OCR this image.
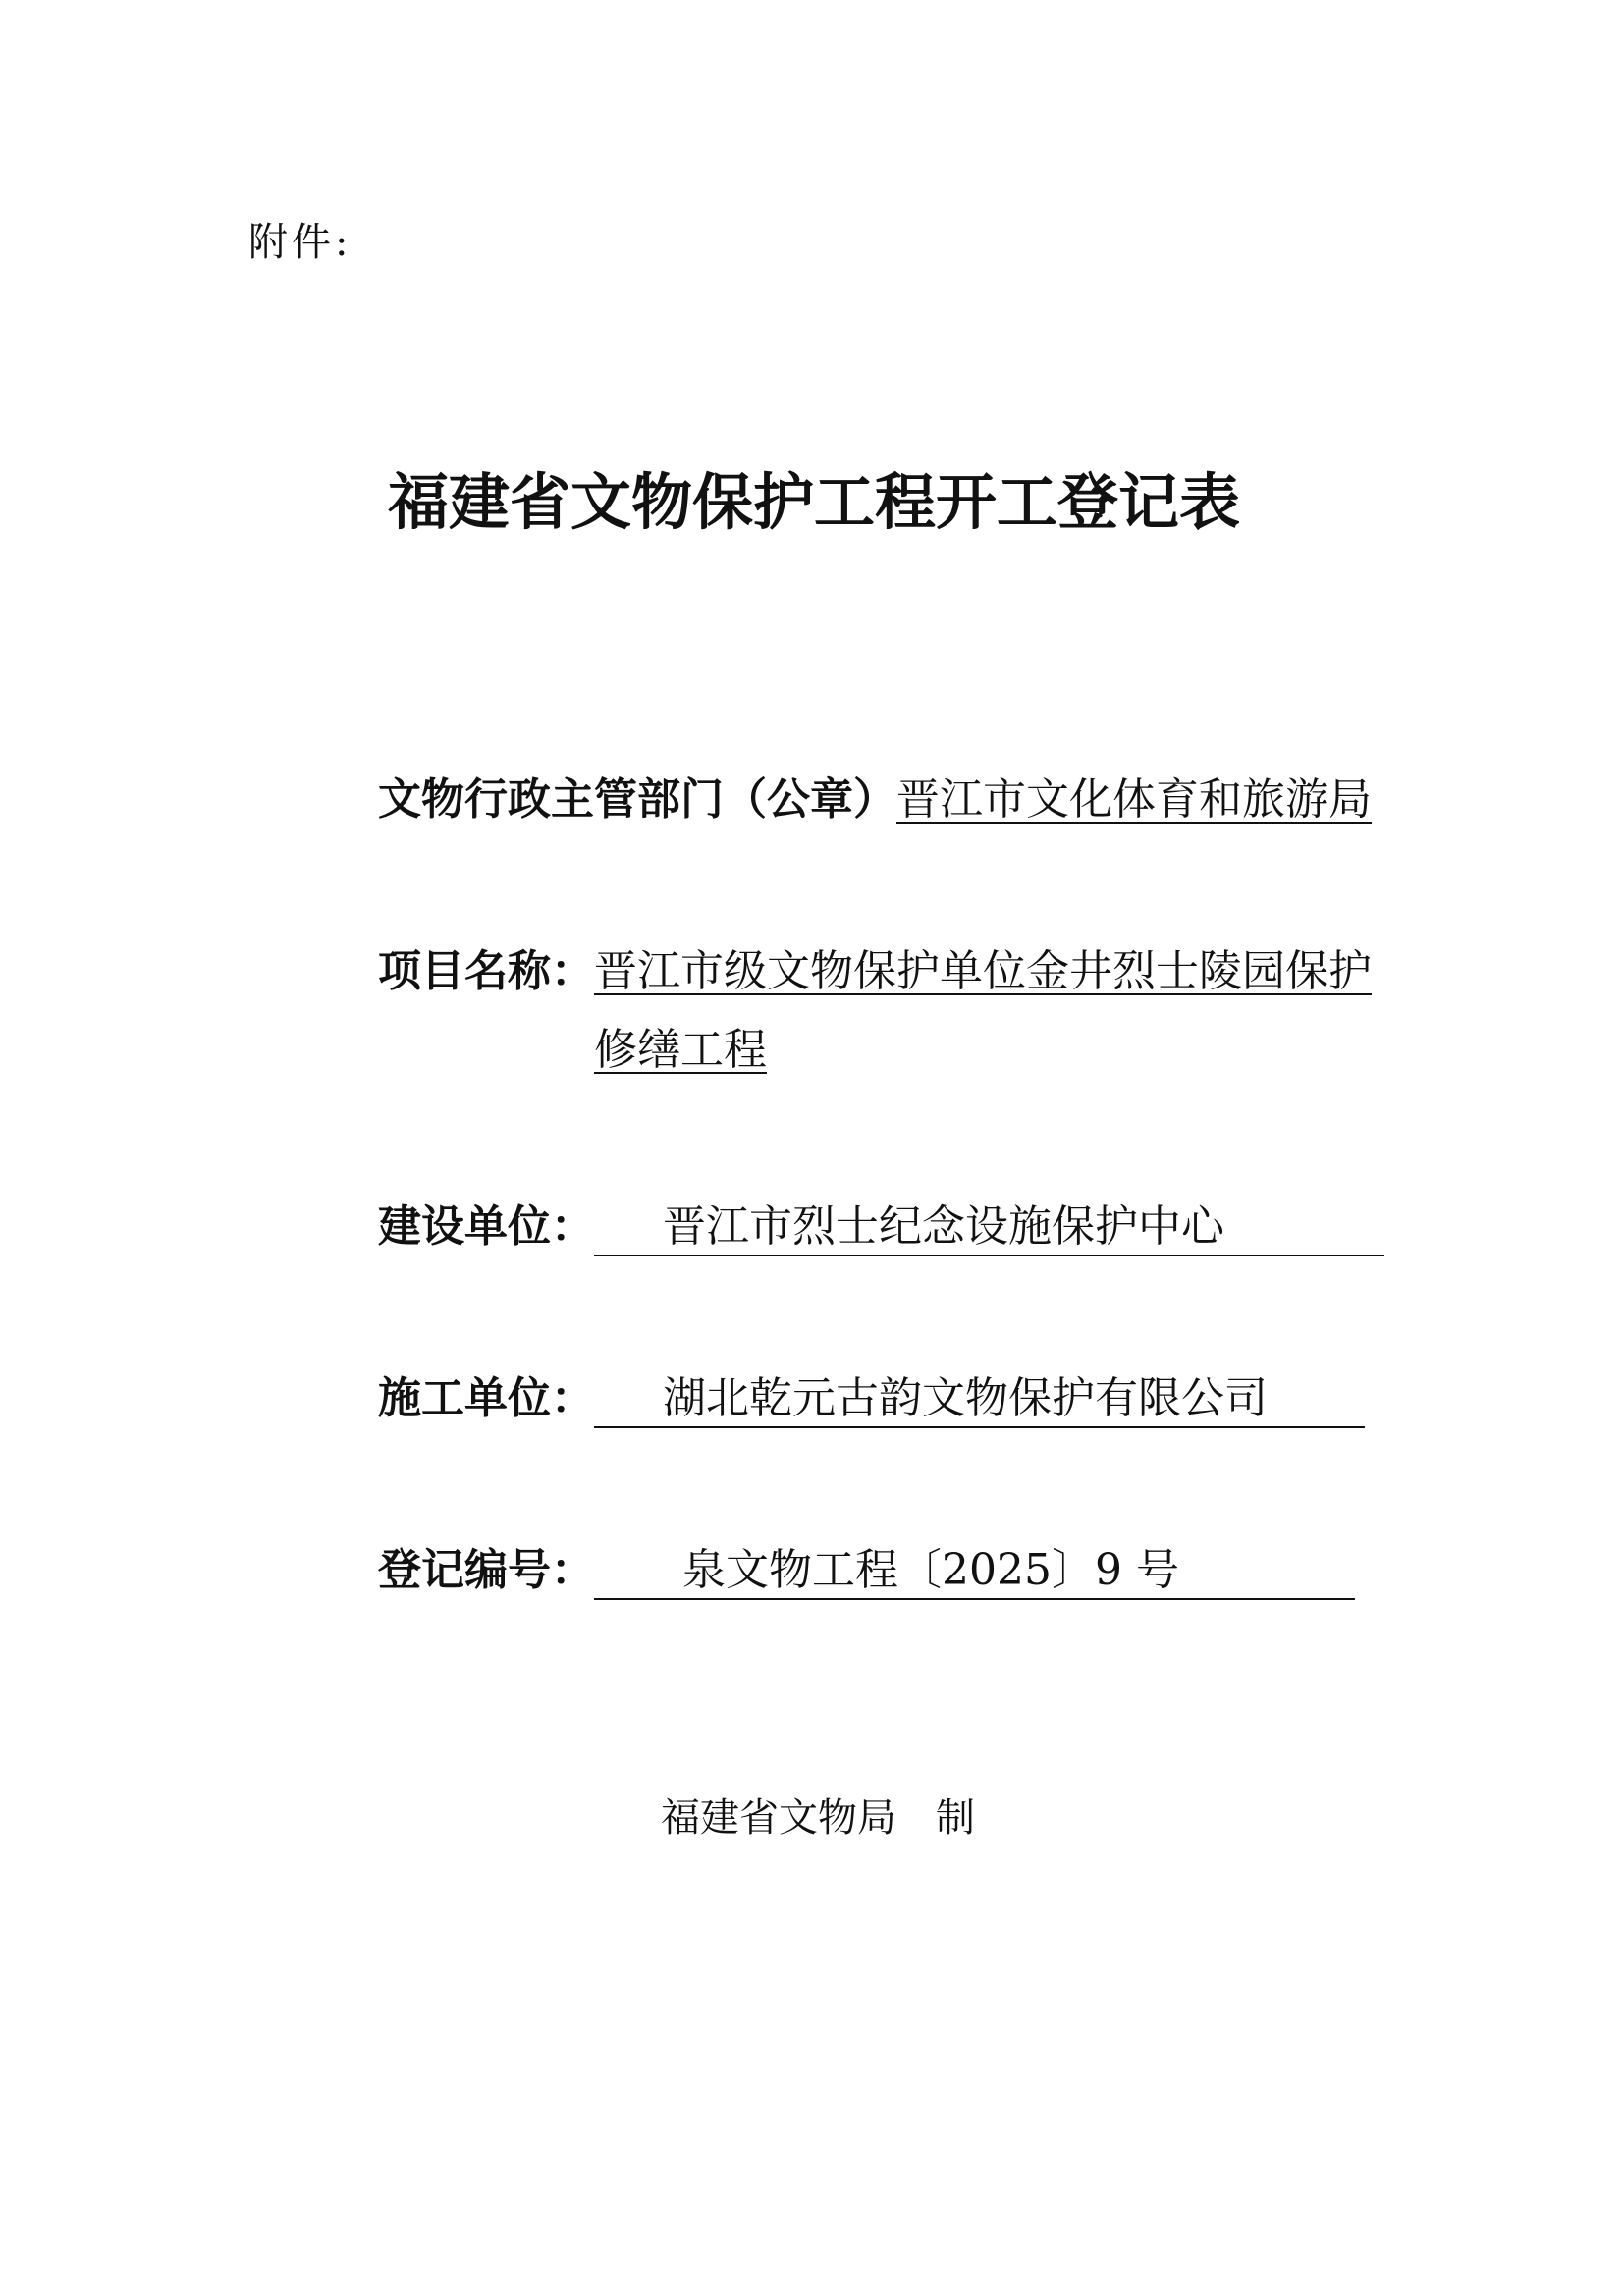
附件:
福建省文物保护工程开工登记表
文物行政主管部门（公章）晋江市文化体育和旅游局
项目名称：晋江市级文物保护单位金井烈士陵园保护
修缮工程
建设单位： 晋江市烈士纪念设施保护中心
施工单位： 湖北乾元古韵文物保护有限公司
登记编号： 泉文物工程〔2025〕9 号
福建省文物局 制
